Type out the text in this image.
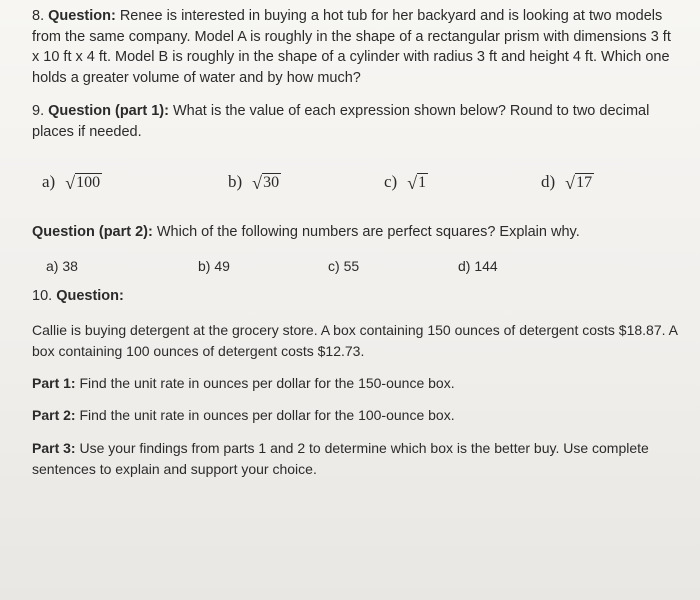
8. Question: Renee is interested in buying a hot tub for her backyard and is looking at two models from the same company. Model A is roughly in the shape of a rectangular prism with dimensions 3 ft x 10 ft x 4 ft. Model B is roughly in the shape of a cylinder with radius 3 ft and height 4 ft. Which one holds a greater volume of water and by how much?
9. Question (part 1): What is the value of each expression shown below? Round to two decimal places if needed.
a) √ 100	b) √ 30	c) √ 1	d) √ 17
Question (part 2): Which of the following numbers are perfect squares? Explain why.
a) 38	b) 49	c) 55	d) 144
10. Question:
Callie is buying detergent at the grocery store. A box containing 150 ounces of detergent costs $18.87. A box containing 100 ounces of detergent costs $12.73.
Part 1: Find the unit rate in ounces per dollar for the 150-ounce box.
Part 2: Find the unit rate in ounces per dollar for the 100-ounce box.
Part 3: Use your findings from parts 1 and 2 to determine which box is the better buy. Use complete sentences to explain and support your choice.
